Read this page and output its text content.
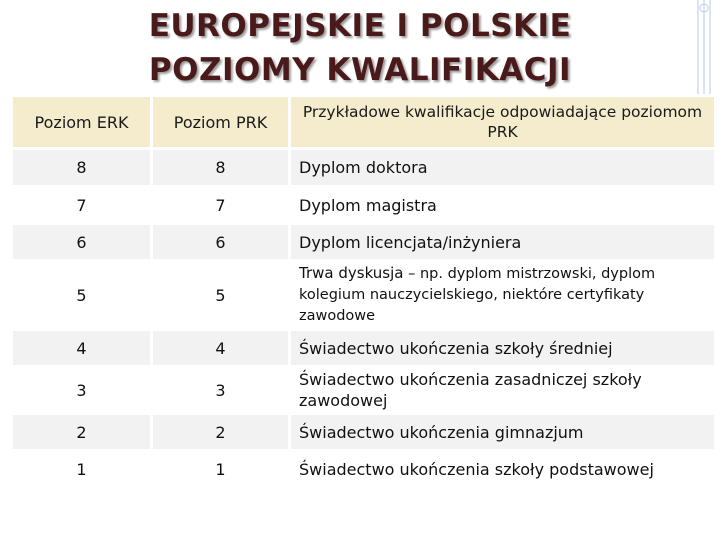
EUROPEJSKIE I POLSKIE
POZIOMY KWALIFIKACJI
Poziom ERK	Poziom PRK	Przykładowe kwalifikacje odpowiadające poziomom PRK
8	8	Dyplom doktora
7	7	Dyplom magistra
6	6	Dyplom licencjata/inżyniera
5	5	Trwa dyskusja – np. dyplom mistrzowski, dyplom kolegium nauczycielskiego, niektóre certyfikaty zawodowe
4	4	Świadectwo ukończenia szkoły średniej
3	3	Świadectwo ukończenia zasadniczej szkoły zawodowej
2	2	Świadectwo ukończenia gimnazjum
1	1	Świadectwo ukończenia szkoły podstawowej
